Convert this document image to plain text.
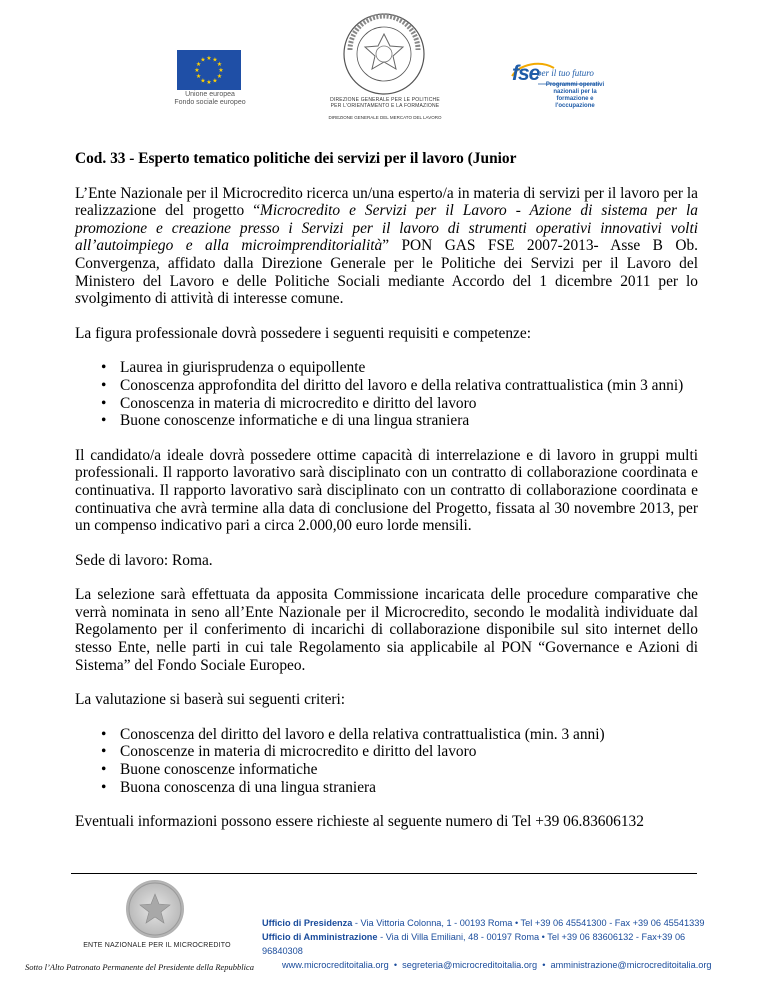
★ ★
★
★
★
★
★
★
★
★
★
★
Unione europea
Fondo sociale europeo	DIREZIONE GENERALE PER LE POLITICHE
PER L'ORIENTAMENTO E LA FORMAZIONE
DIREZIONE GENERALE DEL MERCATO DEL LAVORO
fse
per il tuo futuro
Programmi operativi nazionali per la formazione e l'occupazione

Cod. 33 - Esperto tematico politiche dei servizi per il lavoro (Junior

L’Ente Nazionale per il Microcredito ricerca un/una esperto/a in materia di servizi per il lavoro per la realizzazione del progetto “Microcredito e Servizi per il Lavoro - Azione di sistema per la promozione e creazione presso i Servizi per il lavoro di strumenti operativi innovativi volti all’autoimpiego e alla microimprenditorialità” PON GAS FSE 2007-2013- Asse B Ob. Convergenza, affidato dalla Direzione Generale per le Politiche dei Servizi per il Lavoro del Ministero del Lavoro e delle Politiche Sociali mediante Accordo del 1 dicembre 2011 per lo svolgimento di attività di interesse comune.

La figura professionale dovrà possedere i seguenti requisiti e competenze:

• Laurea in giurisprudenza o equipollente
• Conoscenza approfondita del diritto del lavoro e della relativa contrattualistica (min 3 anni)
• Conoscenza in materia di microcredito e diritto del lavoro
• Buone conoscenze informatiche e di una lingua straniera

Il candidato/a ideale dovrà possedere ottime capacità di interrelazione e di lavoro in gruppi multi professionali. Il rapporto lavorativo sarà disciplinato con un contratto di collaborazione coordinata e continuativa. Il rapporto lavorativo sarà disciplinato con un contratto di collaborazione coordinata e continuativa che avrà termine alla data di conclusione del Progetto, fissata al 30 novembre 2013, per un compenso indicativo pari a circa 2.000,00 euro lorde mensili.

Sede di lavoro: Roma.

La selezione sarà effettuata da apposita Commissione incaricata delle procedure comparative che verrà nominata in seno all’Ente Nazionale per il Microcredito, secondo le modalità individuate dal Regolamento per il conferimento di incarichi di collaborazione disponibile sul sito internet dello stesso Ente, nelle parti in cui tale Regolamento sia applicabile al PON “Governance e Azioni di Sistema” del Fondo Sociale Europeo.

La valutazione si baserà sui seguenti criteri:

• Conoscenza del diritto del lavoro e della relativa contrattualistica (min. 3 anni)
• Conoscenze in materia di microcredito e diritto del lavoro
• Buone conoscenze informatiche
• Buona conoscenza di una lingua straniera

Eventuali informazioni possono essere richieste al seguente numero di Tel +39 06.83606132

ENTE NAZIONALE PER IL MICROCREDITO
Sotto l’Alto Patronato Permanente del Presidente della Repubblica
Ufficio di Presidenza - Via Vittoria Colonna, 1 - 00193 Roma • Tel +39 06 45541300 - Fax +39 06 45541339
Ufficio di Amministrazione - Via di Villa Emiliani, 48 - 00197 Roma • Tel +39 06 83606132 - Fax+39 06 96840308
www.microcreditoitalia.org • segreteria@microcreditoitalia.org • amministrazione@microcreditoitalia.org
